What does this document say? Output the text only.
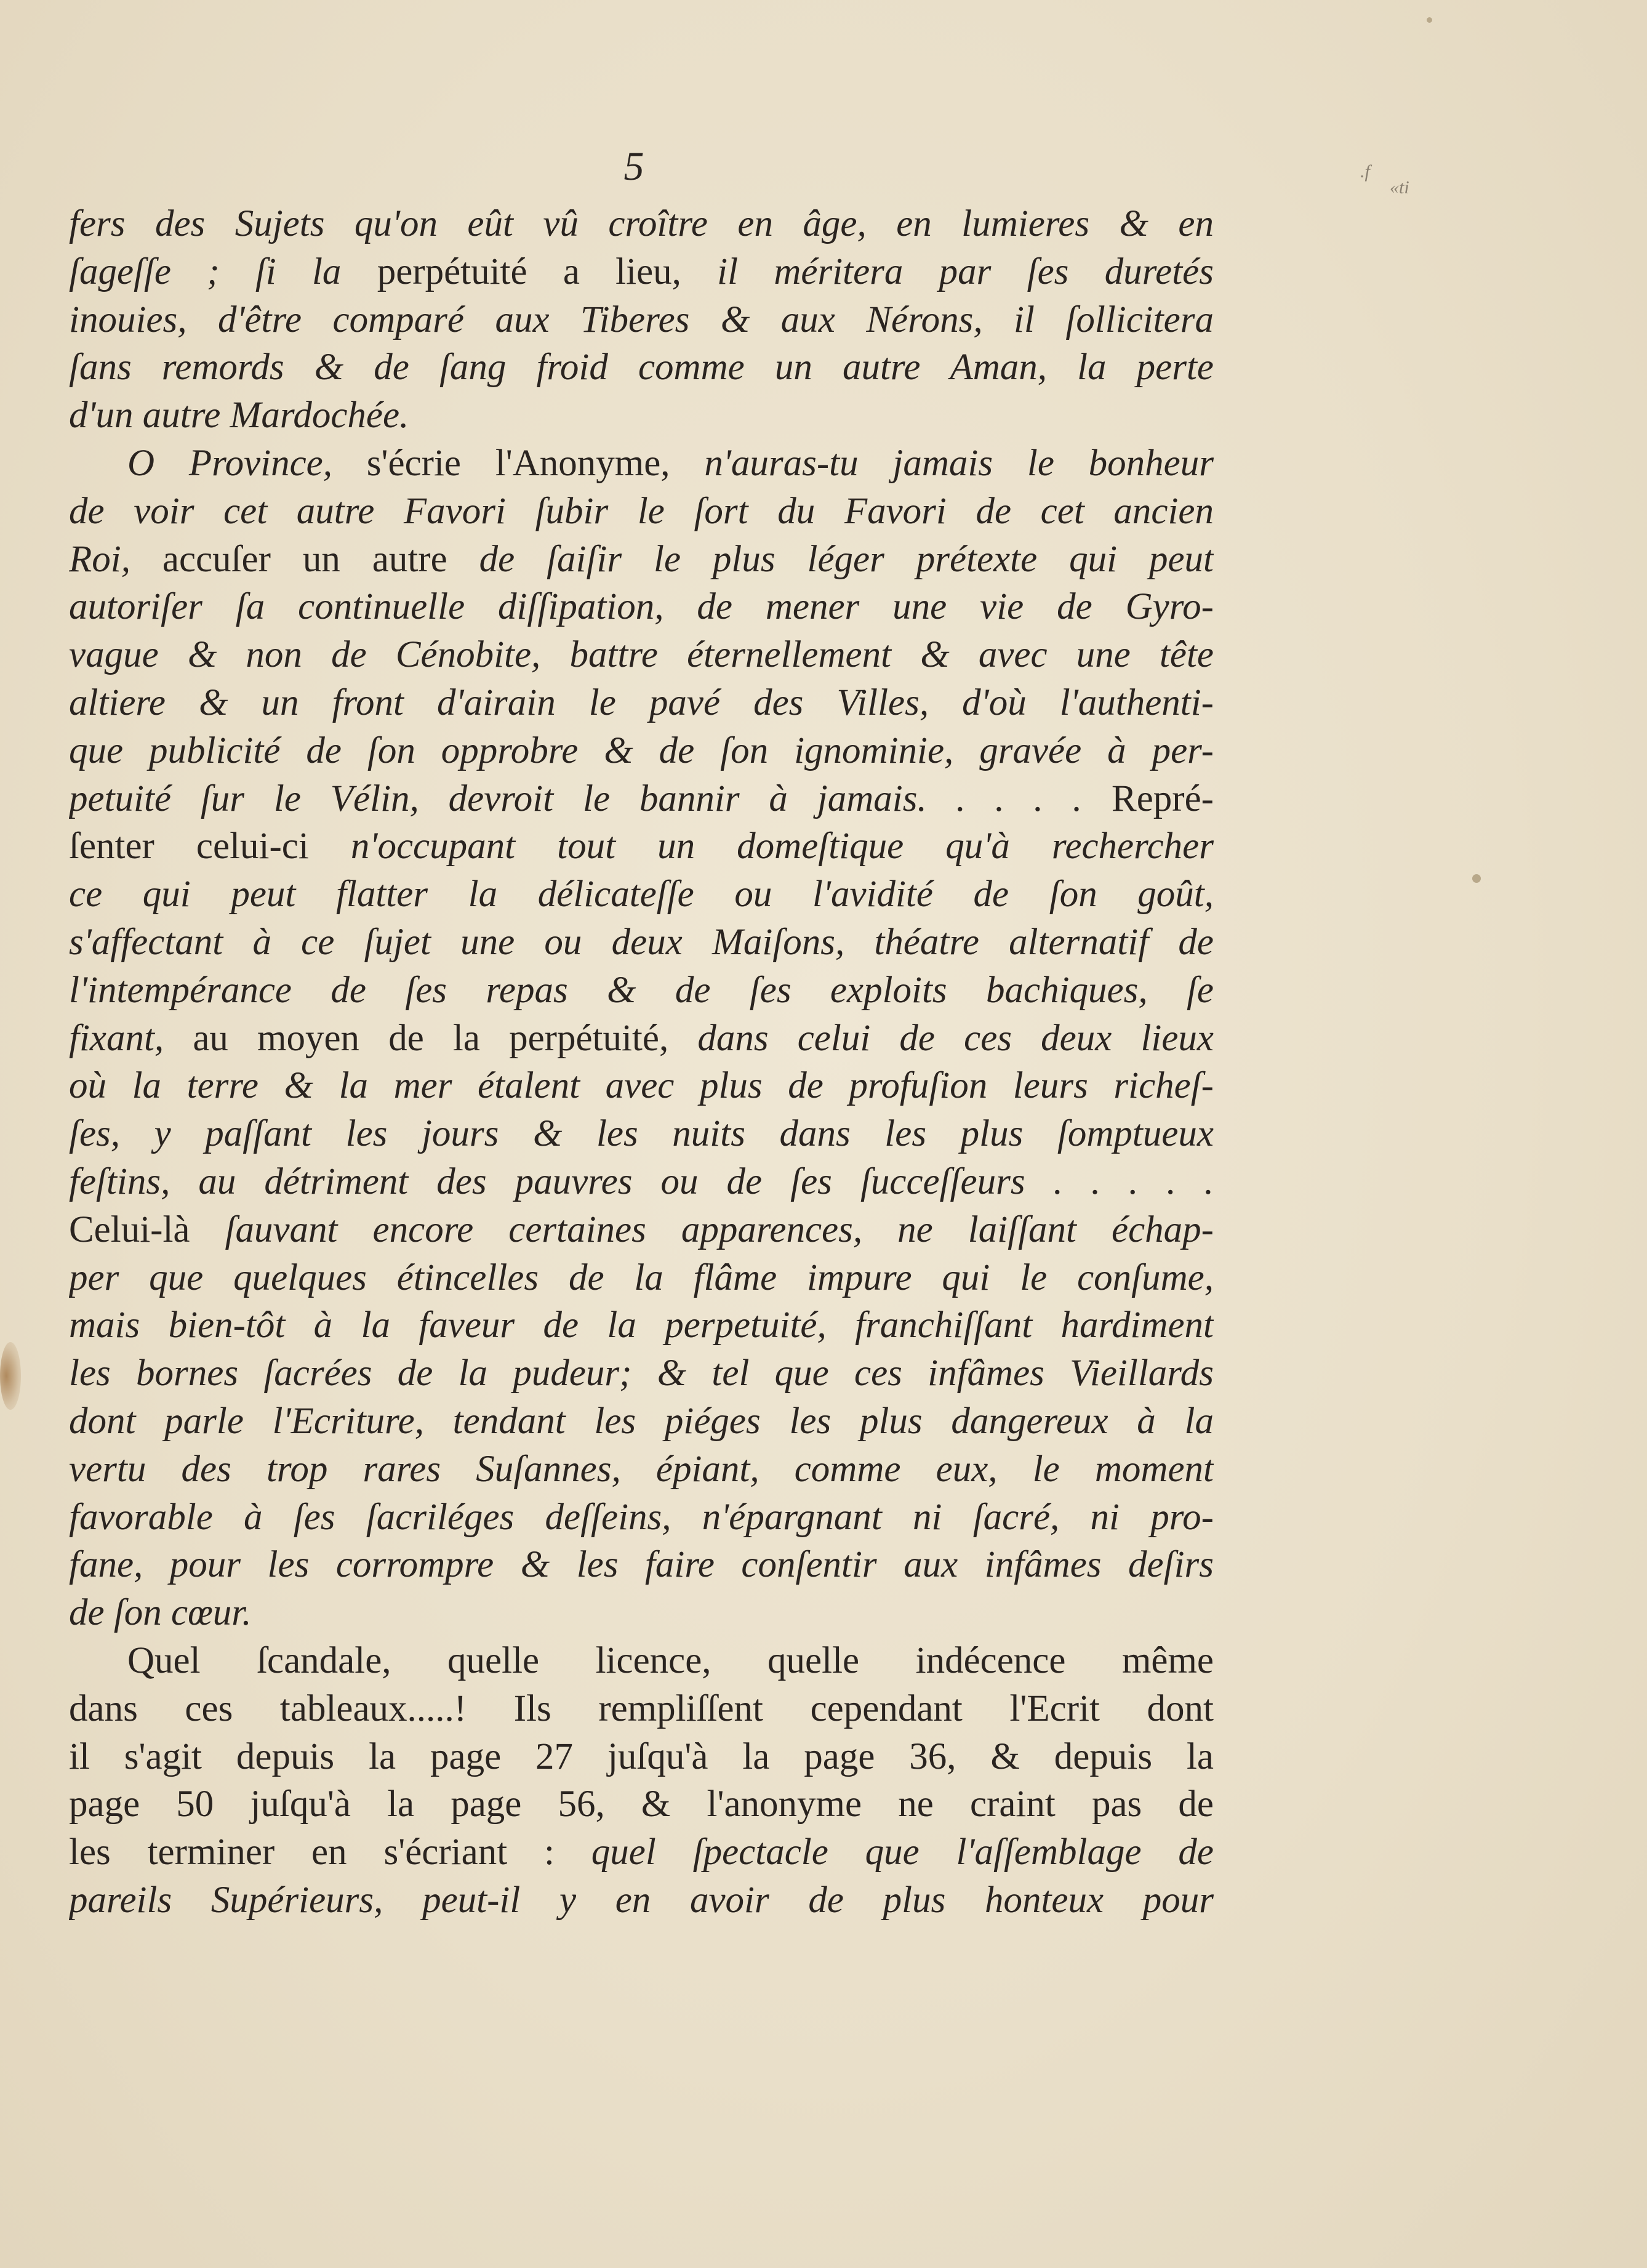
5	.f
«ti
fers des Sujets qu'on eût vû croître en âge, en lumieres & en
ſageſſe ; ſi la perpétuité a lieu, il méritera par ſes duretés
inouies, d'être comparé aux Tiberes & aux Nérons, il ſollicitera
ſans remords & de ſang froid comme un autre Aman, la perte
d'un autre Mardochée.
O Province, s'écrie l'Anonyme, n'auras-tu jamais le bonheur
de voir cet autre Favori ſubir le ſort du Favori de cet ancien
Roi, accuſer un autre de ſaiſir le plus léger prétexte qui peut
autoriſer ſa continuelle diſſipation, de mener une vie de Gyro-
vague & non de Cénobite, battre éternellement & avec une tête
altiere & un front d'airain le pavé des Villes, d'où l'authenti-
que publicité de ſon opprobre & de ſon ignominie, gravée à per-
petuité ſur le Vélin, devroit le bannir à jamais. . . . . Repré-
ſenter celui-ci n'occupant tout un domeſtique qu'à rechercher
ce qui peut flatter la délicateſſe ou l'avidité de ſon goût,
s'affectant à ce ſujet une ou deux Maiſons, théatre alternatif de
l'intempérance de ſes repas & de ſes exploits bachiques, ſe
fixant, au moyen de la perpétuité, dans celui de ces deux lieux
où la terre & la mer étalent avec plus de profuſion leurs richeſ-
ſes, y paſſant les jours & les nuits dans les plus ſomptueux
feſtins, au détriment des pauvres ou de ſes ſucceſſeurs . . . . .
Celui-là ſauvant encore certaines apparences, ne laiſſant échap-
per que quelques étincelles de la flâme impure qui le conſume,
mais bien-tôt à la faveur de la perpetuité, franchiſſant hardiment
les bornes ſacrées de la pudeur; & tel que ces infâmes Vieillards
dont parle l'Ecriture, tendant les piéges les plus dangereux à la
vertu des trop rares Suſannes, épiant, comme eux, le moment
favorable à ſes ſacriléges deſſeins, n'épargnant ni ſacré, ni pro-
fane, pour les corrompre & les faire conſentir aux infâmes deſirs
de ſon cœur.
Quel ſcandale, quelle licence, quelle indécence même
dans ces tableaux.....! Ils rempliſſent cependant l'Ecrit dont
il s'agit depuis la page 27 juſqu'à la page 36, & depuis la
page 50 juſqu'à la page 56, & l'anonyme ne craint pas de
les terminer en s'écriant : quel ſpectacle que l'aſſemblage de
pareils Supérieurs, peut-il y en avoir de plus honteux pour
